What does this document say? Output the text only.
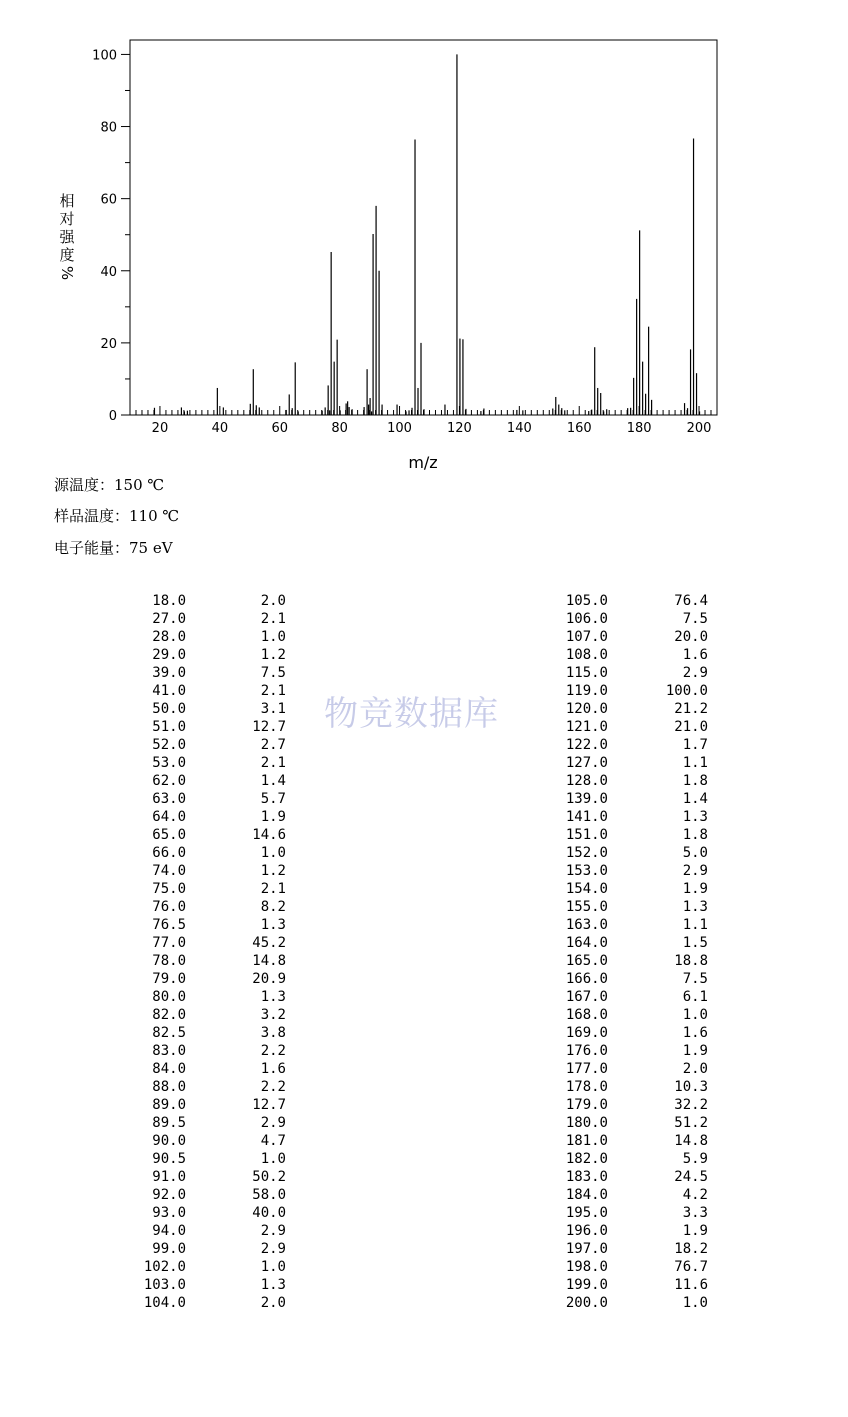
20	40	60	80	100	120	140	160	180	200
0
20
40
60
80
100
m/z
相
对
强
度
%
源温度：150 ℃
样品温度：110 ℃
电子能量：75 eV
物竞数据库
18.0	2.0
27.0	2.1
28.0	1.0
29.0	1.2
39.0	7.5
41.0	2.1
50.0	3.1
51.0	12.7
52.0	2.7
53.0	2.1
62.0	1.4
63.0	5.7
64.0	1.9
65.0	14.6
66.0	1.0
74.0	1.2
75.0	2.1
76.0	8.2
76.5	1.3
77.0	45.2
78.0	14.8
79.0	20.9
80.0	1.3
82.0	3.2
82.5	3.8
83.0	2.2
84.0	1.6
88.0	2.2
89.0	12.7
89.5	2.9
90.0	4.7
90.5	1.0
91.0	50.2
92.0	58.0
93.0	40.0
94.0	2.9
99.0	2.9
102.0	1.0
103.0	1.3
104.0	2.0
105.0	76.4
106.0	7.5
107.0	20.0
108.0	1.6
115.0	2.9
119.0	100.0
120.0	21.2
121.0	21.0
122.0	1.7
127.0	1.1
128.0	1.8
139.0	1.4
141.0	1.3
151.0	1.8
152.0	5.0
153.0	2.9
154.0	1.9
155.0	1.3
163.0	1.1
164.0	1.5
165.0	18.8
166.0	7.5
167.0	6.1
168.0	1.0
169.0	1.6
176.0	1.9
177.0	2.0
178.0	10.3
179.0	32.2
180.0	51.2
181.0	14.8
182.0	5.9
183.0	24.5
184.0	4.2
195.0	3.3
196.0	1.9
197.0	18.2
198.0	76.7
199.0	11.6
200.0	1.0
